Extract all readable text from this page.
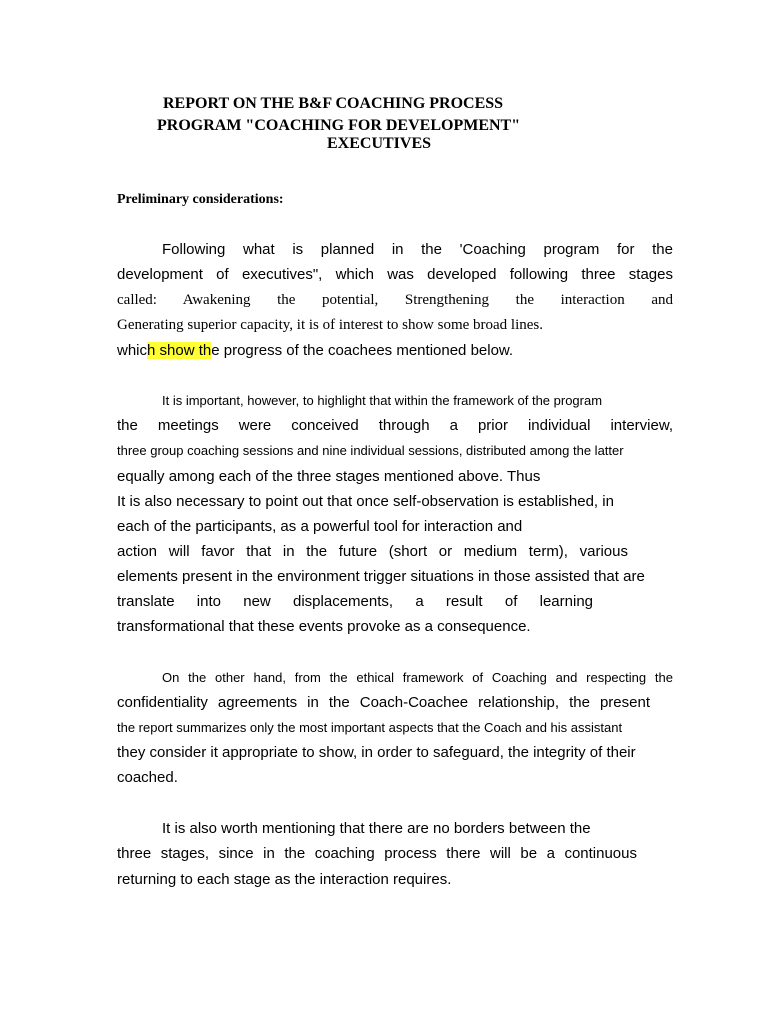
REPORT ON THE B&F COACHING PROCESS
PROGRAM "COACHING FOR DEVELOPMENT"
EXECUTIVES
Preliminary considerations:
Following what is planned in the 'Coaching program for the
development of executives", which was developed following three stages
called: Awakening the potential, Strengthening the interaction and
Generating superior capacity, it is of interest to show some broad lines.
which show the progress of the coachees mentioned below.
It is important, however, to highlight that within the framework of the program
the meetings were conceived through a prior individual interview,
three group coaching sessions and nine individual sessions, distributed among the latter
equally among each of the three stages mentioned above. Thus
It is also necessary to point out that once self-observation is established, in
each of the participants, as a powerful tool for interaction and
action will favor that in the future (short or medium term), various
elements present in the environment trigger situations in those assisted that are
translate into new displacements, a result of learning
transformational that these events provoke as a consequence.
On the other hand, from the ethical framework of Coaching and respecting the
confidentiality agreements in the Coach-Coachee relationship, the present
the report summarizes only the most important aspects that the Coach and his assistant
they consider it appropriate to show, in order to safeguard, the integrity of their
coached.
It is also worth mentioning that there are no borders between the
three stages, since in the coaching process there will be a continuous
returning to each stage as the interaction requires.
